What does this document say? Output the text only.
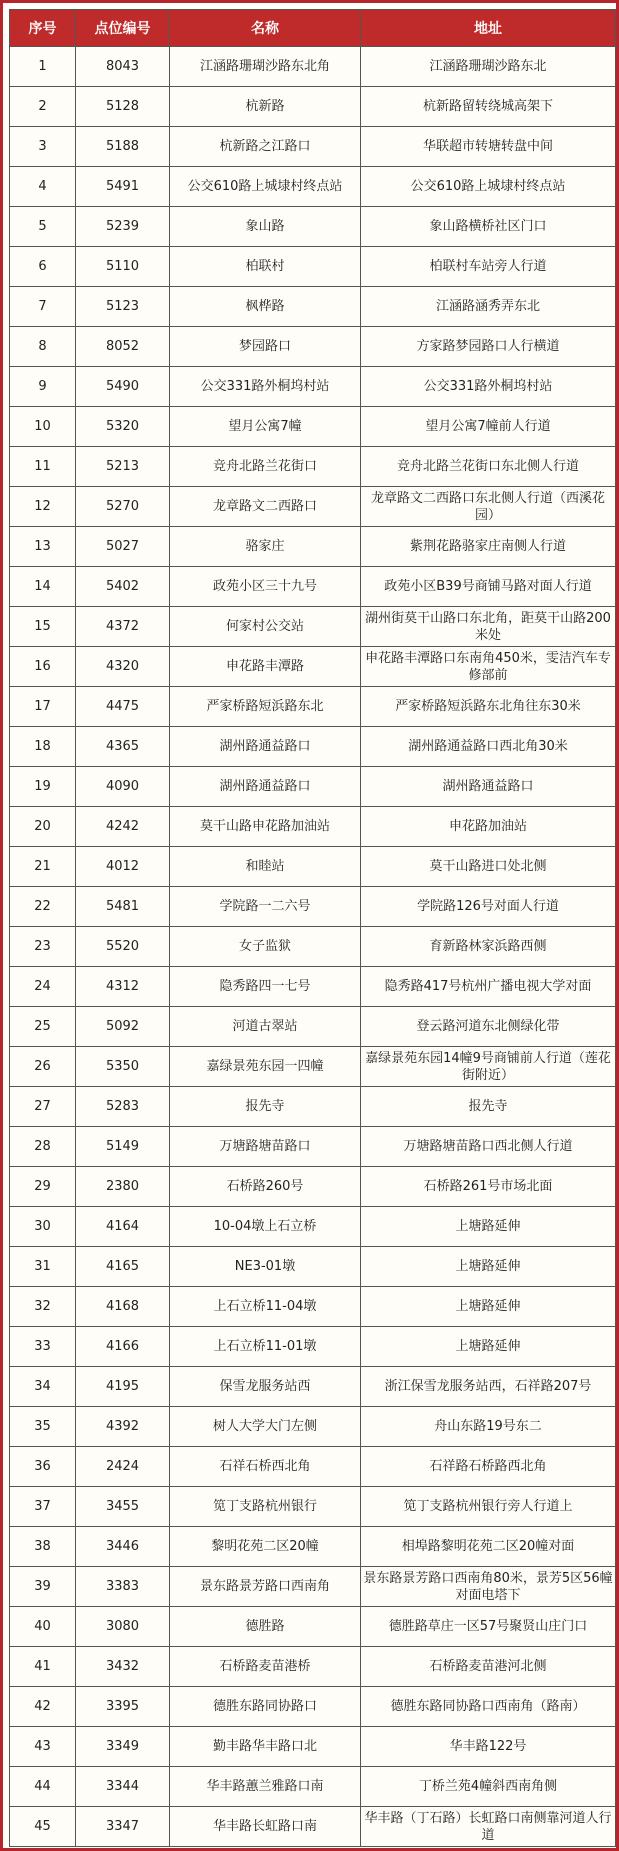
序号	点位编号	名称	地址
1	8043	江涵路珊瑚沙路东北角	江涵路珊瑚沙路东北
2	5128	杭新路	杭新路留转绕城高架下
3	5188	杭新路之江路口	华联超市转塘转盘中间
4	5491	公交610路上城埭村终点站	公交610路上城埭村终点站
5	5239	象山路	象山路横桥社区门口
6	5110	柏联村	柏联村车站旁人行道
7	5123	枫桦路	江涵路涵秀弄东北
8	8052	梦园路口	方家路梦园路口人行横道
9	5490	公交331路外桐坞村站	公交331路外桐坞村站
10	5320	望月公寓7幢	望月公寓7幢前人行道
11	5213	竞舟北路兰花街口	竞舟北路兰花街口东北侧人行道
12	5270	龙章路文二西路口	龙章路文二西路口东北侧人行道（西溪花园）
13	5027	骆家庄	紫荆花路骆家庄南侧人行道
14	5402	政苑小区三十九号	政苑小区B39号商铺马路对面人行道
15	4372	何家村公交站	湖州街莫干山路口东北角，距莫干山路200米处
16	4320	申花路丰潭路	申花路丰潭路口东南角450米，雯洁汽车专修部前
17	4475	严家桥路短浜路东北	严家桥路短浜路东北角往东30米
18	4365	湖州路通益路口	湖州路通益路口西北角30米
19	4090	湖州路通益路口	湖州路通益路口
20	4242	莫干山路申花路加油站	申花路加油站
21	4012	和睦站	莫干山路进口处北侧
22	5481	学院路一二六号	学院路126号对面人行道
23	5520	女子监狱	育新路林家浜路西侧
24	4312	隐秀路四一七号	隐秀路417号杭州广播电视大学对面
25	5092	河道古翠站	登云路河道东北侧绿化带
26	5350	嘉绿景苑东园一四幢	嘉绿景苑东园14幢9号商铺前人行道（莲花街附近）
27	5283	报先寺	报先寺
28	5149	万塘路塘苗路口	万塘路塘苗路口西北侧人行道
29	2380	石桥路260号	石桥路261号市场北面
30	4164	10-04墩上石立桥	上塘路延伸
31	4165	NE3-01墩	上塘路延伸
32	4168	上石立桥11-04墩	上塘路延伸
33	4166	上石立桥11-01墩	上塘路延伸
34	4195	保雪龙服务站西	浙江保雪龙服务站西，石祥路207号
35	4392	树人大学大门左侧	舟山东路19号东二
36	2424	石祥石桥西北角	石祥路石桥路西北角
37	3455	笕丁支路杭州银行	笕丁支路杭州银行旁人行道上
38	3446	黎明花苑二区20幢	相埠路黎明花苑二区20幢对面
39	3383	景东路景芳路口西南角	景东路景芳路口西南角80米，景芳5区56幢对面电塔下
40	3080	德胜路	德胜路草庄一区57号聚贤山庄门口
41	3432	石桥路麦苗港桥	石桥路麦苗港河北侧
42	3395	德胜东路同协路口	德胜东路同协路口西南角（路南）
43	3349	勤丰路华丰路口北	华丰路122号
44	3344	华丰路蕙兰雅路口南	丁桥兰苑4幢斜西南角侧
45	3347	华丰路长虹路口南	华丰路（丁石路）长虹路口南侧靠河道人行道
